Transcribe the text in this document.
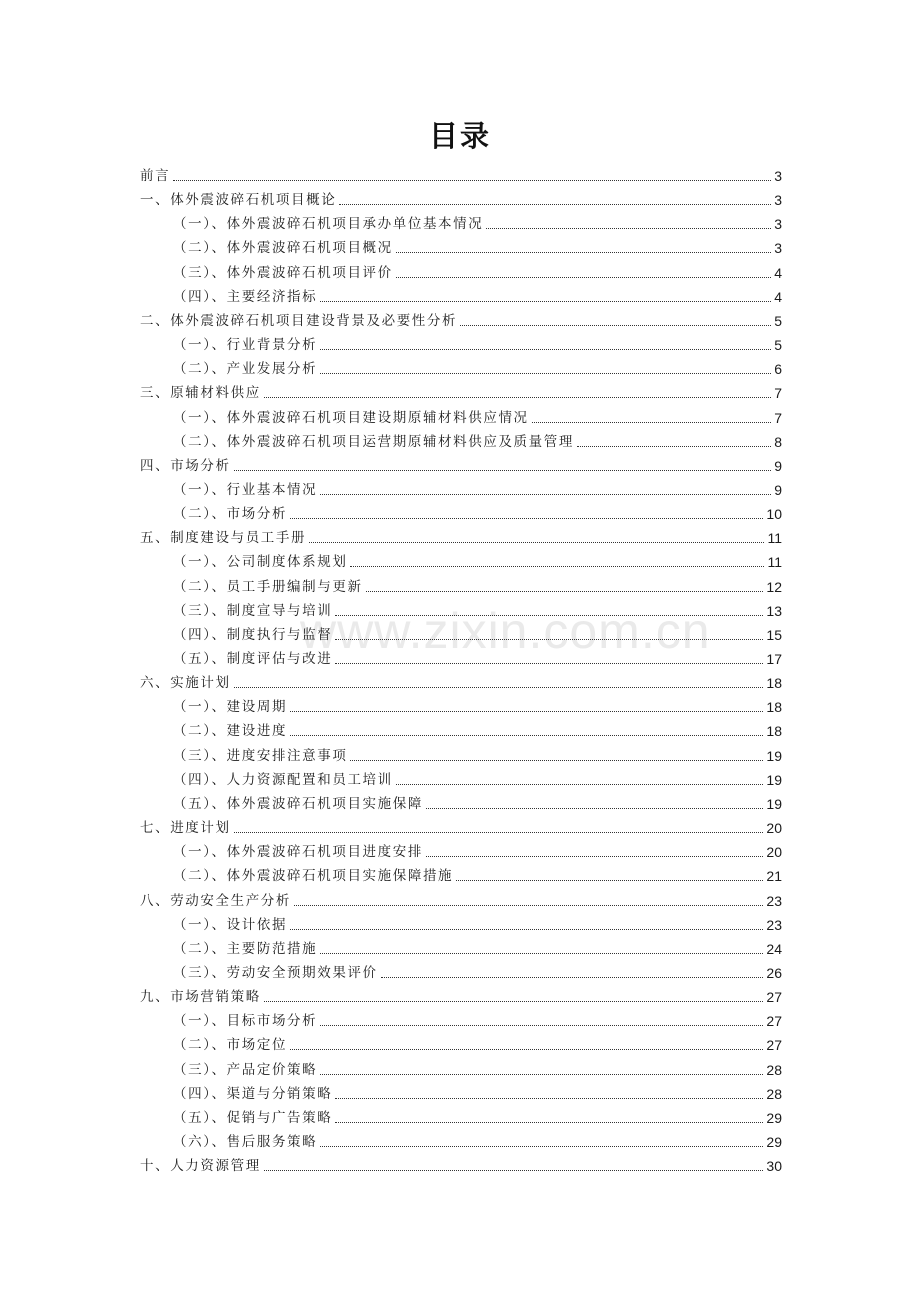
目录
www.zixin.com.cn
前言	3
一、体外震波碎石机项目概论	3
（一）、体外震波碎石机项目承办单位基本情况	3
（二）、体外震波碎石机项目概况	3
（三）、体外震波碎石机项目评价	4
（四）、主要经济指标	4
二、体外震波碎石机项目建设背景及必要性分析	5
（一）、行业背景分析	5
（二）、产业发展分析	6
三、原辅材料供应	7
（一）、体外震波碎石机项目建设期原辅材料供应情况	7
（二）、体外震波碎石机项目运营期原辅材料供应及质量管理	8
四、市场分析	9
（一）、行业基本情况	9
（二）、市场分析	10
五、制度建设与员工手册	11
（一）、公司制度体系规划	11
（二）、员工手册编制与更新	12
（三）、制度宣导与培训	13
（四）、制度执行与监督	15
（五）、制度评估与改进	17
六、实施计划	18
（一）、建设周期	18
（二）、建设进度	18
（三）、进度安排注意事项	19
（四）、人力资源配置和员工培训	19
（五）、体外震波碎石机项目实施保障	19
七、进度计划	20
（一）、体外震波碎石机项目进度安排	20
（二）、体外震波碎石机项目实施保障措施	21
八、劳动安全生产分析	23
（一）、设计依据	23
（二）、主要防范措施	24
（三）、劳动安全预期效果评价	26
九、市场营销策略	27
（一）、目标市场分析	27
（二）、市场定位	27
（三）、产品定价策略	28
（四）、渠道与分销策略	28
（五）、促销与广告策略	29
（六）、售后服务策略	29
十、人力资源管理	30
